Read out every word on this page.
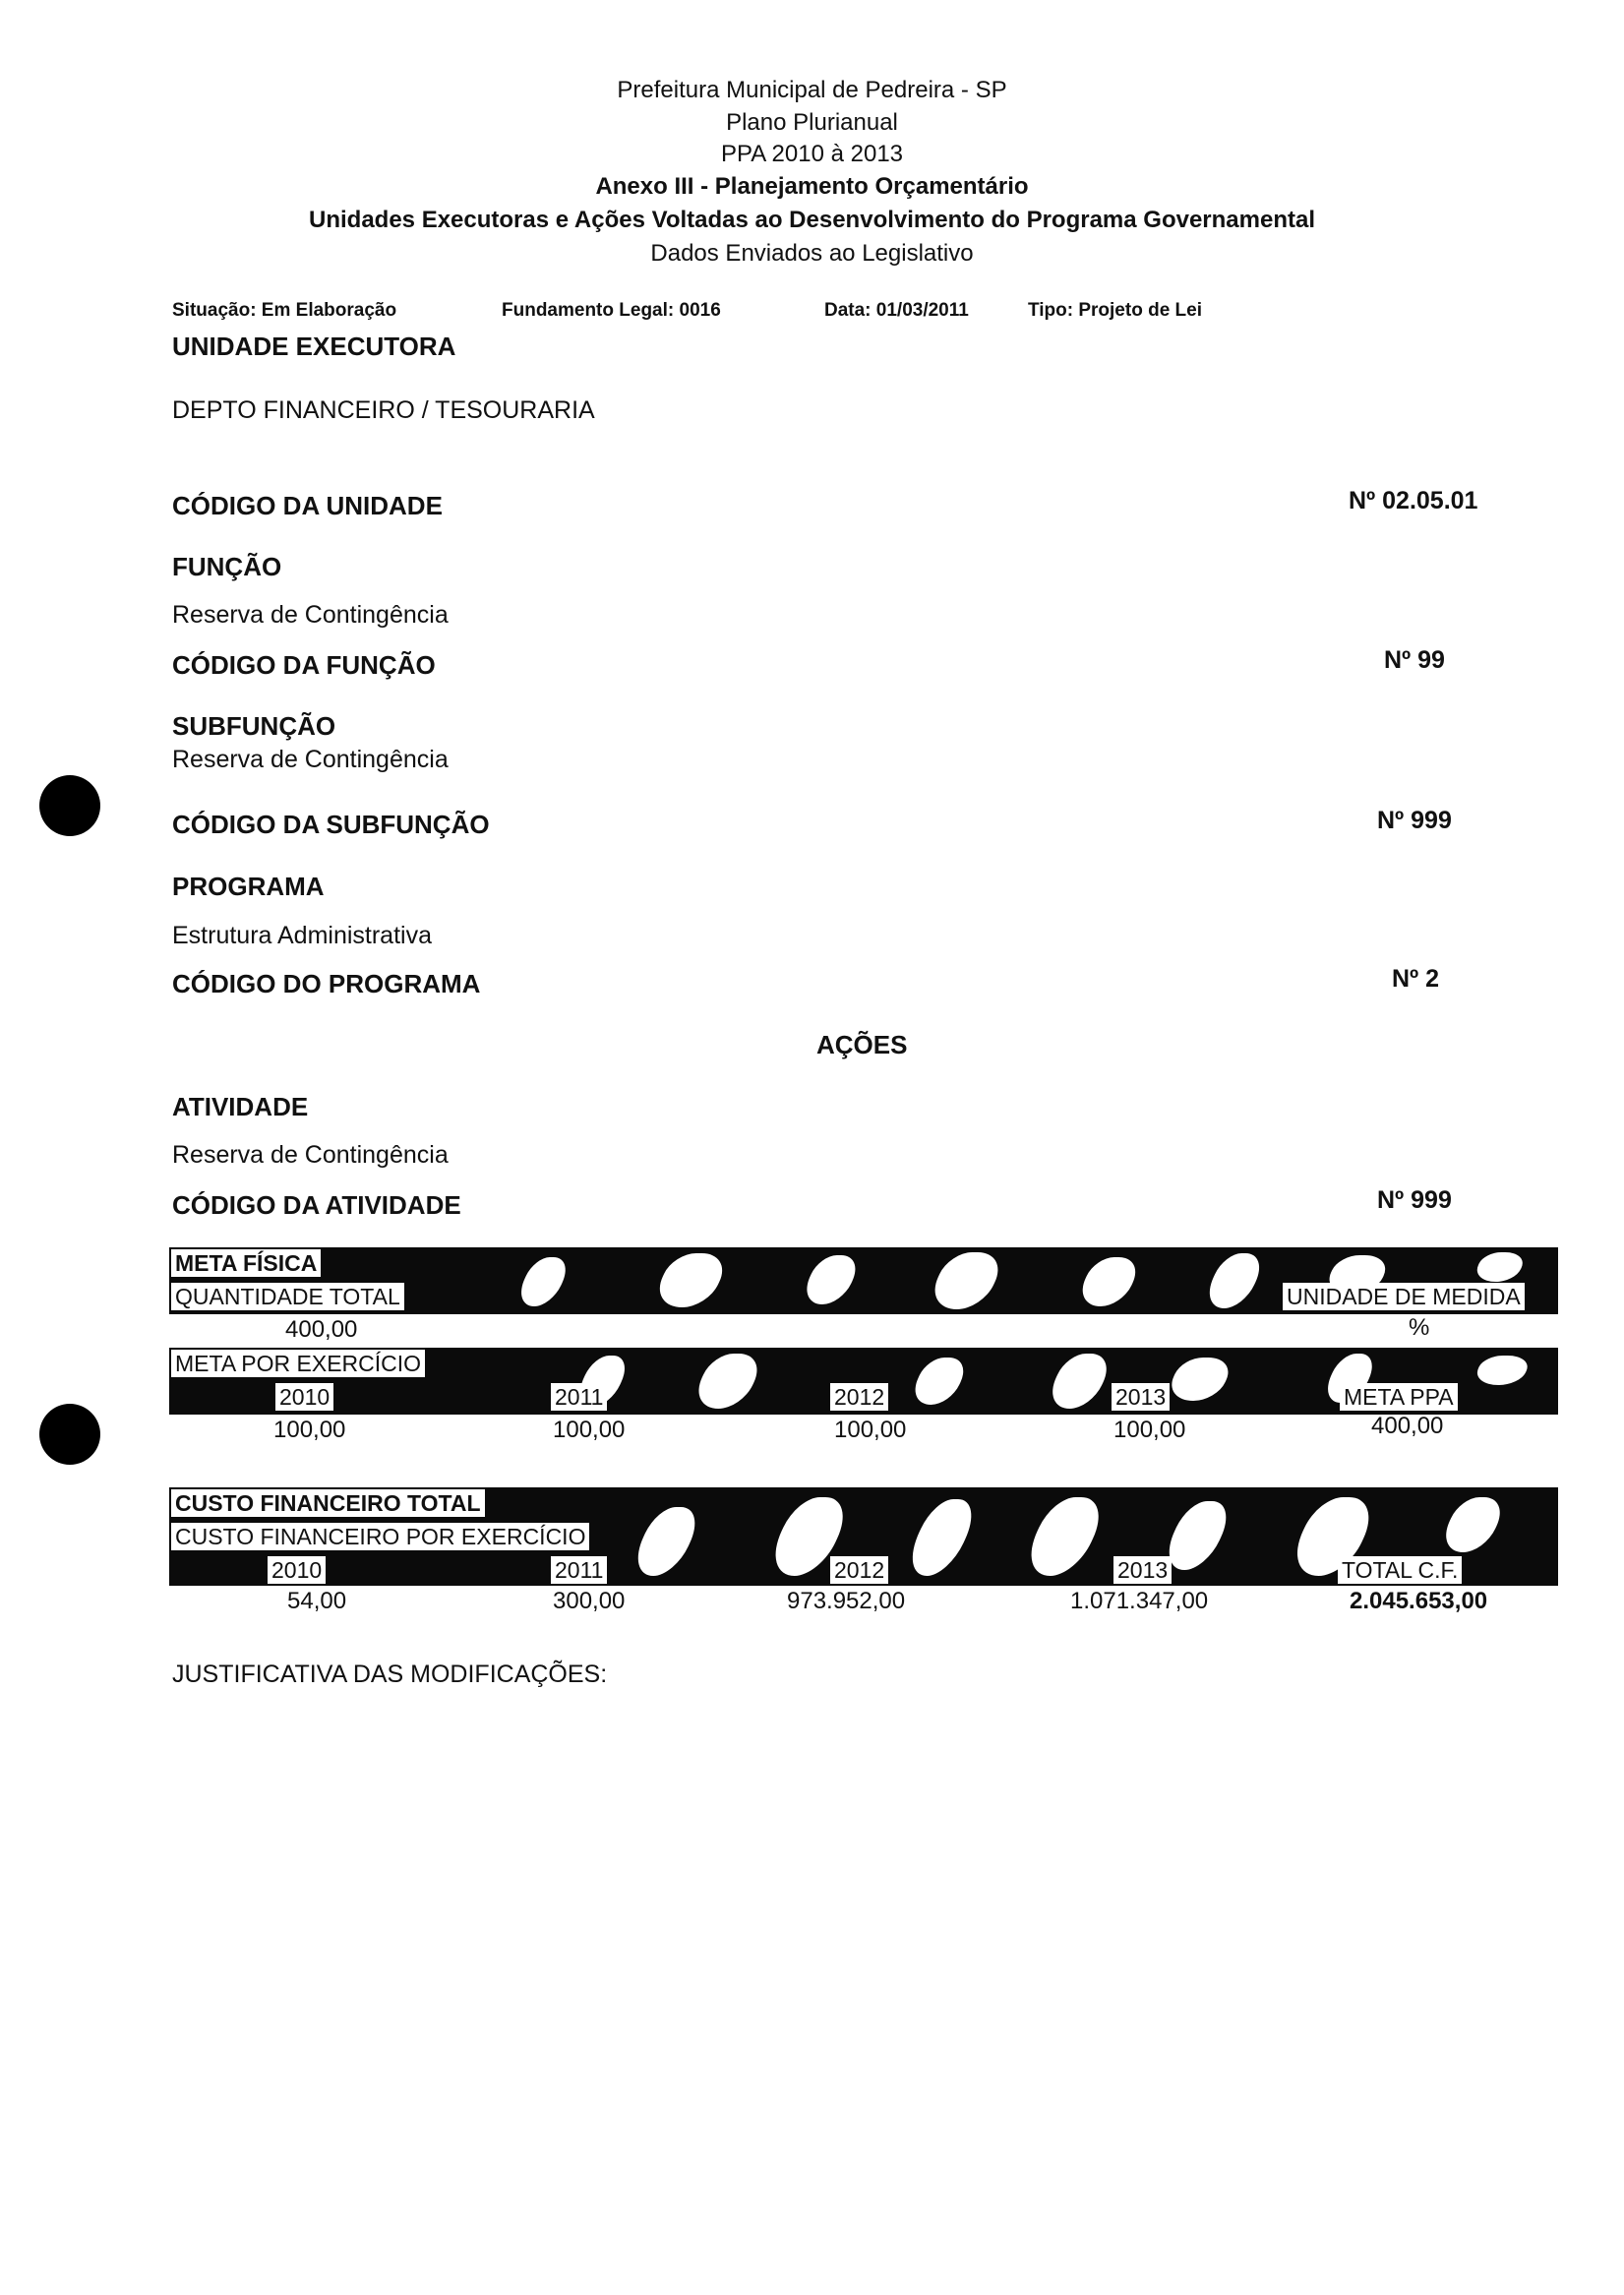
Prefeitura Municipal de Pedreira - SP
Plano Plurianual
PPA 2010 à 2013
Anexo III - Planejamento Orçamentário
Unidades Executoras e Ações Voltadas ao Desenvolvimento do Programa Governamental
Dados Enviados ao Legislativo
Situação: Em Elaboração	Fundamento Legal: 0016	Data: 01/03/2011	Tipo: Projeto de Lei
UNIDADE EXECUTORA
DEPTO FINANCEIRO / TESOURARIA
CÓDIGO DA UNIDADE	Nº 02.05.01
FUNÇÃO
Reserva de Contingência
CÓDIGO DA FUNÇÃO	Nº 99
SUBFUNÇÃO
Reserva de Contingência
CÓDIGO DA SUBFUNÇÃO	Nº 999
PROGRAMA
Estrutura Administrativa
CÓDIGO DO PROGRAMA	Nº 2
AÇÕES
ATIVIDADE
Reserva de Contingência
CÓDIGO DA ATIVIDADE	Nº 999
META FÍSICA
QUANTIDADE TOTAL	UNIDADE DE MEDIDA
400,00	%
META POR EXERCÍCIO
2010	2011	2012	2013	META PPA
100,00	100,00	100,00	100,00	400,00
CUSTO FINANCEIRO TOTAL
CUSTO FINANCEIRO POR EXERCÍCIO
2010	2011	2012	2013	TOTAL C.F.
54,00	300,00	973.952,00	1.071.347,00	2.045.653,00
JUSTIFICATIVA DAS MODIFICAÇÕES:
